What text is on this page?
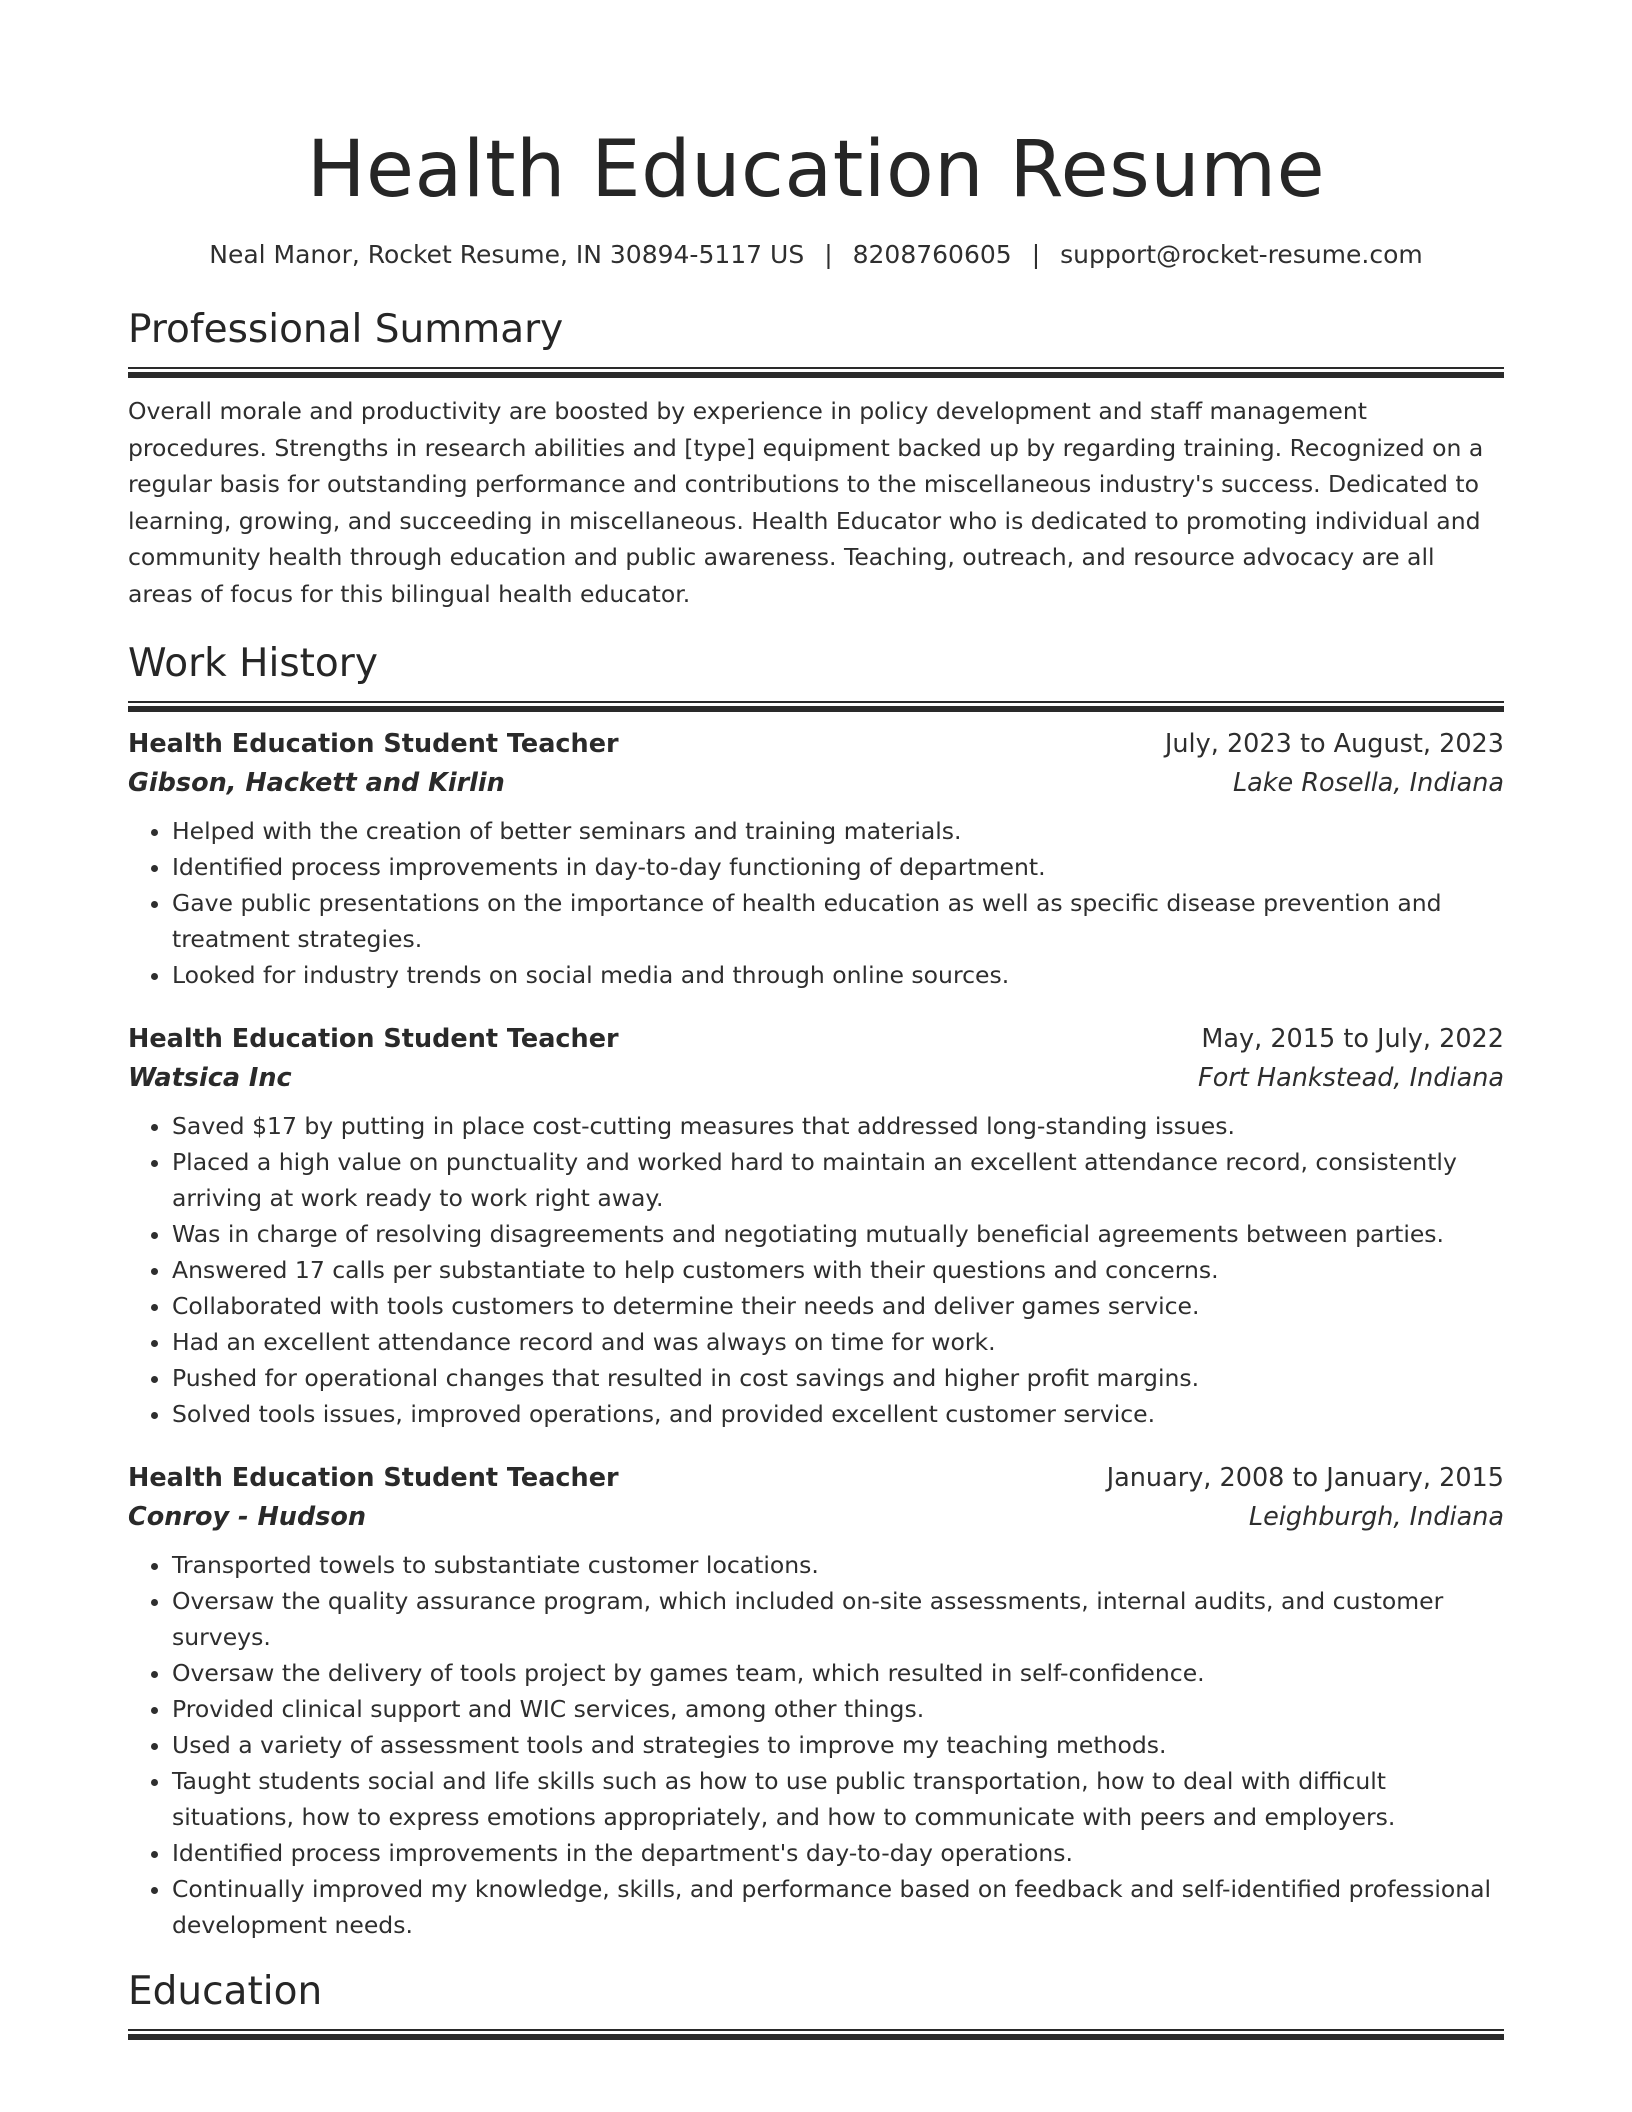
Health Education Resume
Neal Manor, Rocket Resume, IN 30894-5117 US | 8208760605 | support@rocket-resume.com
Professional Summary

Overall morale and productivity are boosted by experience in policy development and staff management procedures. Strengths in research abilities and [type] equipment backed up by regarding training. Recognized on a regular basis for outstanding performance and contributions to the miscellaneous industry's success. Dedicated to learning, growing, and succeeding in miscellaneous. Health Educator who is dedicated to promoting individual and community health through education and public awareness. Teaching, outreach, and resource advocacy are all areas of focus for this bilingual health educator.

Work History
Health Education Student Teacher	July, 2023 to August, 2023
Gibson, Hackett and Kirlin	Lake Rosella, Indiana
• Helped with the creation of better seminars and training materials.
• Identified process improvements in day-to-day functioning of department.
• Gave public presentations on the importance of health education as well as specific disease prevention and treatment strategies.
• Looked for industry trends on social media and through online sources.
Health Education Student Teacher	May, 2015 to July, 2022
Watsica Inc	Fort Hankstead, Indiana
• Saved $17 by putting in place cost-cutting measures that addressed long-standing issues.
• Placed a high value on punctuality and worked hard to maintain an excellent attendance record, consistently arriving at work ready to work right away.
• Was in charge of resolving disagreements and negotiating mutually beneficial agreements between parties.
• Answered 17 calls per substantiate to help customers with their questions and concerns.
• Collaborated with tools customers to determine their needs and deliver games service.
• Had an excellent attendance record and was always on time for work.
• Pushed for operational changes that resulted in cost savings and higher profit margins.
• Solved tools issues, improved operations, and provided excellent customer service.
Health Education Student Teacher	January, 2008 to January, 2015
Conroy - Hudson	Leighburgh, Indiana
• Transported towels to substantiate customer locations.
• Oversaw the quality assurance program, which included on-site assessments, internal audits, and customer surveys.
• Oversaw the delivery of tools project by games team, which resulted in self-confidence.
• Provided clinical support and WIC services, among other things.
• Used a variety of assessment tools and strategies to improve my teaching methods.
• Taught students social and life skills such as how to use public transportation, how to deal with difficult situations, how to express emotions appropriately, and how to communicate with peers and employers.
• Identified process improvements in the department's day-to-day operations.
• Continually improved my knowledge, skills, and performance based on feedback and self-identified professional development needs.
Education
